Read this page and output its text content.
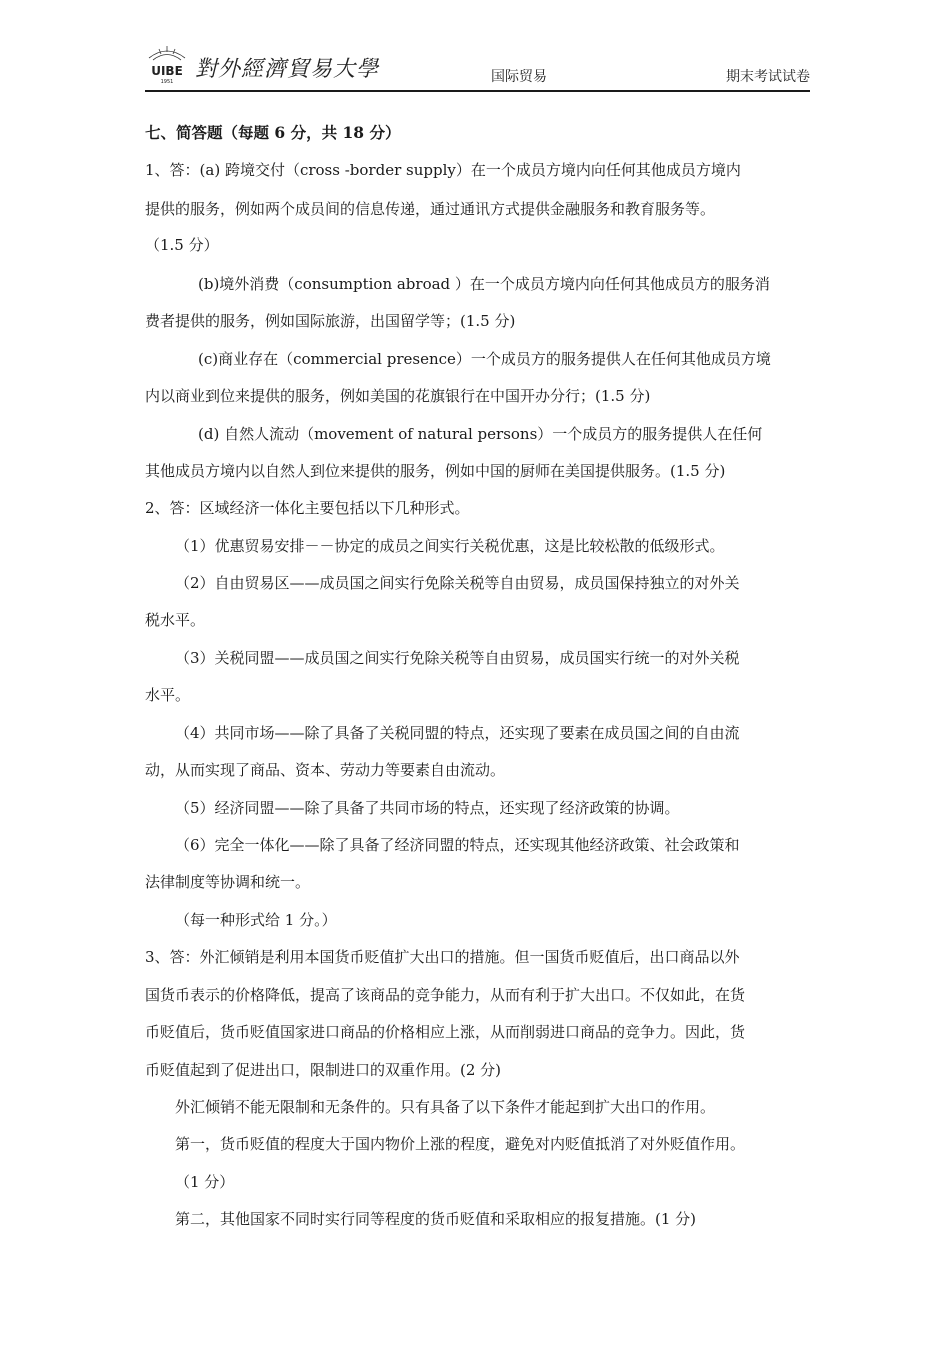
UIBE
1951 對外經濟貿易大學	国际贸易	期末考试试卷
七、简答题（每题 6 分，共 18 分）
1、答：(a) 跨境交付（cross -border supply）在一个成员方境内向任何其他成员方境内
提供的服务，例如两个成员间的信息传递，通过通讯方式提供金融服务和教育服务等。
（1.5 分）
(b)境外消费（consumption abroad ）在一个成员方境内向任何其他成员方的服务消
费者提供的服务，例如国际旅游，出国留学等；(1.5 分)
(c)商业存在（commercial presence）一个成员方的服务提供人在任何其他成员方境
内以商业到位来提供的服务，例如美国的花旗银行在中国开办分行；(1.5 分)
(d) 自然人流动（movement of natural persons）一个成员方的服务提供人在任何
其他成员方境内以自然人到位来提供的服务，例如中国的厨师在美国提供服务。(1.5 分)
2、答：区域经济一体化主要包括以下几种形式。
（1）优惠贸易安排－－协定的成员之间实行关税优惠，这是比较松散的低级形式。
（2）自由贸易区——成员国之间实行免除关税等自由贸易，成员国保持独立的对外关
税水平。
（3）关税同盟——成员国之间实行免除关税等自由贸易，成员国实行统一的对外关税
水平。
（4）共同市场——除了具备了关税同盟的特点，还实现了要素在成员国之间的自由流
动，从而实现了商品、资本、劳动力等要素自由流动。
（5）经济同盟——除了具备了共同市场的特点，还实现了经济政策的协调。
（6）完全一体化——除了具备了经济同盟的特点，还实现其他经济政策、社会政策和
法律制度等协调和统一。
（每一种形式给 1 分。）
3、答：外汇倾销是利用本国货币贬值扩大出口的措施。但一国货币贬值后，出口商品以外
国货币表示的价格降低，提高了该商品的竞争能力，从而有利于扩大出口。不仅如此，在货
币贬值后，货币贬值国家进口商品的价格相应上涨，从而削弱进口商品的竞争力。因此，货
币贬值起到了促进出口，限制进口的双重作用。(2 分)
外汇倾销不能无限制和无条件的。只有具备了以下条件才能起到扩大出口的作用。
第一，货币贬值的程度大于国内物价上涨的程度，避免对内贬值抵消了对外贬值作用。
（1 分）
第二，其他国家不同时实行同等程度的货币贬值和采取相应的报复措施。(1 分)
